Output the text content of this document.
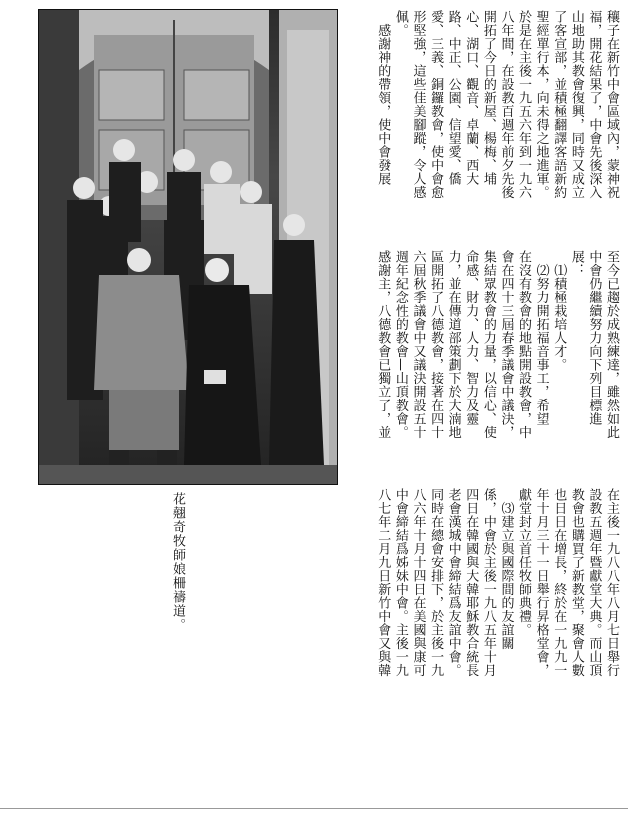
花翹奇牧師娘柵禱道。

穰子在新竹中會區域內，蒙神祝

福，開花結果了，中會先後深入

山地助其教會復興，同時又成立

了客宣部，並積極翻譯客語新約

聖經單行本，向未得之地進軍。

於是在主後一九五六年到一九六

八年間，在設教百週年前夕先後

開拓了今日的新屋、楊梅、埔

心、湖口、觀音、卓蘭、西大

路、中正、公園、信望愛、僑

愛、三義、銅鑼教會，使中會愈

形堅強，這些佳美腳蹤，令人感

佩。

　感謝神的帶領，使中會發展

在主後一九八八年八月七日舉行

設教五週年暨獻堂大典。而山頂

教會也購買了新教堂，聚會人數

也日日在增長，終於在一九九一

年十月三十一日舉行昇格堂會，

獻堂封立首任牧師典禮。

　⑶建立與國際間的友誼關

係，中會於主後一九八五年十月

四日在韓國與大韓耶穌教合統長

老會漢城中會締結爲友誼中會。

同時在總會安排下，於主後一九

八六年十月十四日在美國與康可

中會締結爲姊妹中會。主後一九

八七年二月九日新竹中會又與韓

至今已趨於成熟練達，雖然如此

中會仍繼續努力向下列目標進

展：

　⑴積極栽培人才。

　⑵努力開拓福音事工，希望

在沒有教會的地點開設教會，中

會在四十三屆春季議會中議決，

集結眾教會的力量，以信心、使

命感、財力、人力、智力及靈

力，並在傳道部策劃下於大湳地

區開拓了八德教會，接著在四十

六屆秋季議會中又議決開設五十

週年紀念性的教會—山頂教會。

感謝主，八德教會已獨立了，並
